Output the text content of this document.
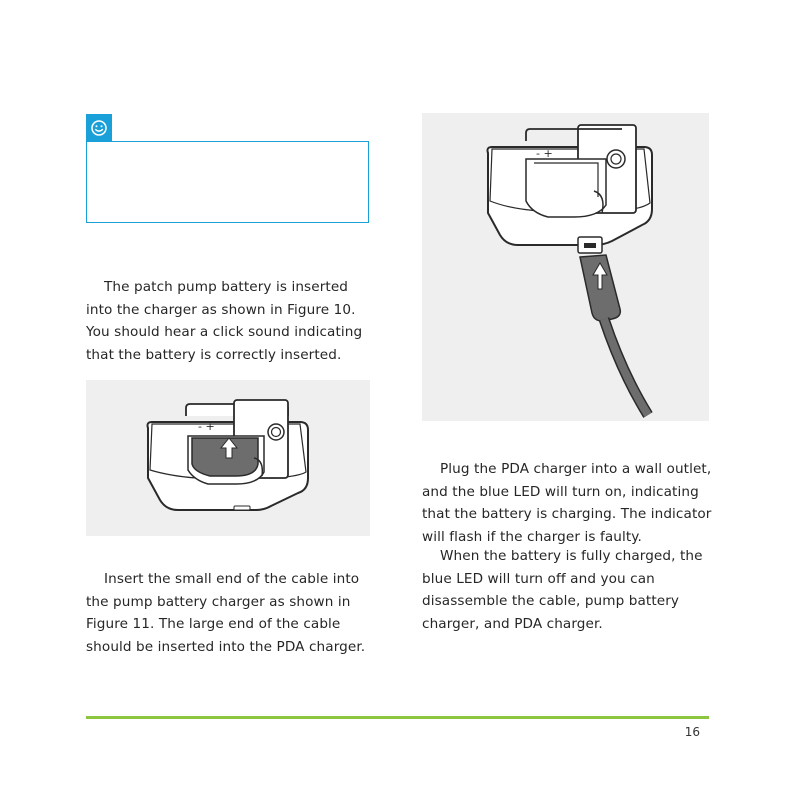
The patch pump battery is inserted into the charger as shown in Figure 10. You should hear a click sound indicating that the battery is correctly inserted.

- +

Insert the small end of the cable into the pump battery charger as shown in Figure 11. The large end of the cable should be inserted into the PDA charger.

- +

Plug the PDA charger into a wall outlet, and the blue LED will turn on, indicating that the battery is charging. The indicator will flash if the charger is faulty.

When the battery is fully charged, the blue LED will turn off and you can disassemble the cable, pump battery charger, and PDA charger.

16
